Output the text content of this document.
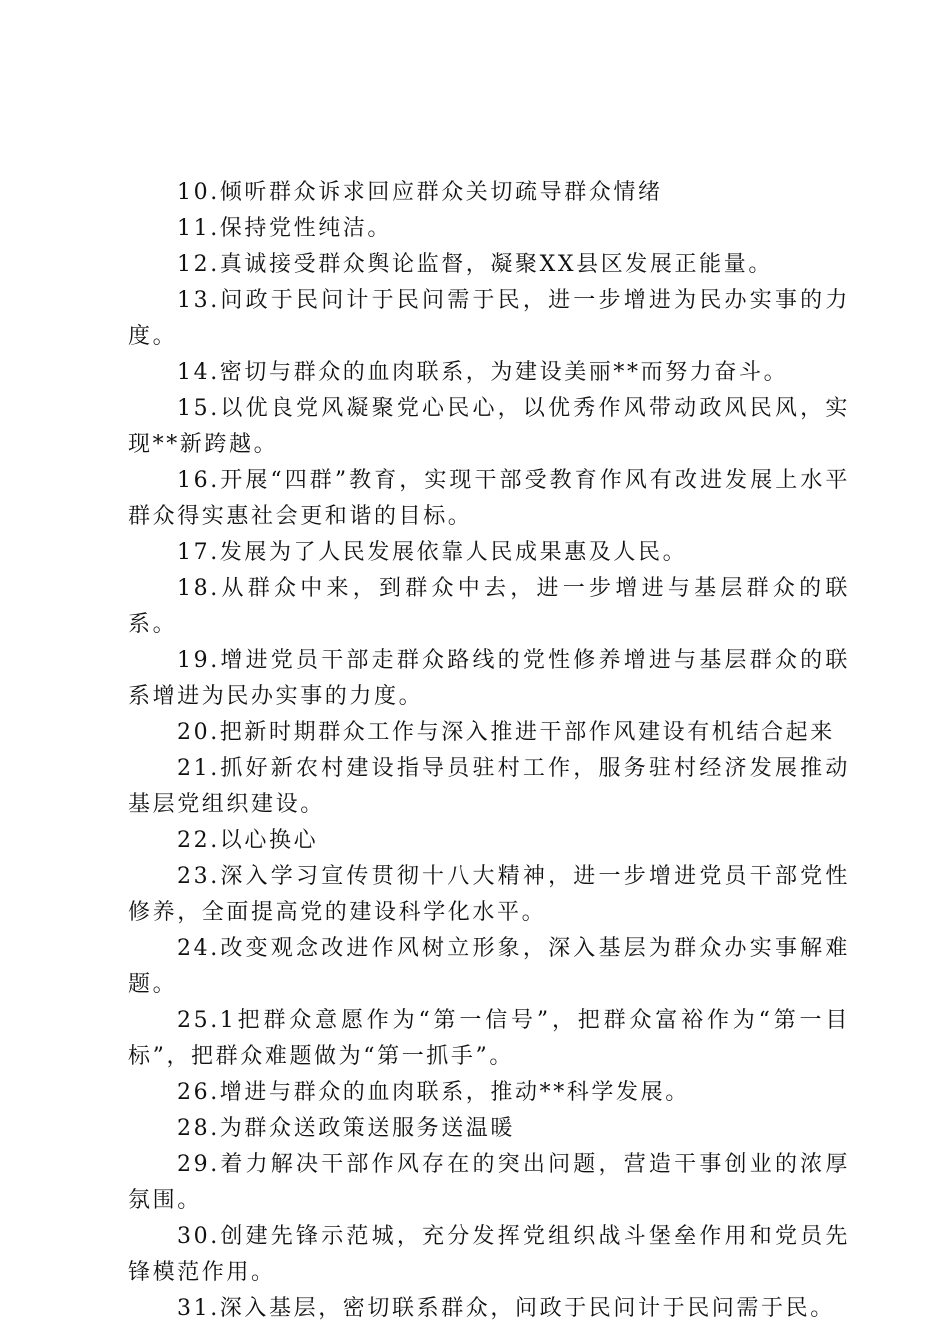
10.倾听群众诉求回应群众关切疏导群众情绪

11.保持党性纯洁。

12.真诚接受群众舆论监督，凝聚XX县区发展正能量。

13.问政于民问计于民问需于民，进一步增进为民办实事的力度。

14.密切与群众的血肉联系，为建设美丽**而努力奋斗。

15.以优良党风凝聚党心民心，以优秀作风带动政风民风，实现**新跨越。

16.开展“四群”教育，实现干部受教育作风有改进发展上水平群众得实惠社会更和谐的目标。

17.发展为了人民发展依靠人民成果惠及人民。

18.从群众中来，到群众中去，进一步增进与基层群众的联系。

19.增进党员干部走群众路线的党性修养增进与基层群众的联系增进为民办实事的力度。

20.把新时期群众工作与深入推进干部作风建设有机结合起来

21.抓好新农村建设指导员驻村工作，服务驻村经济发展推动基层党组织建设。

22.以心换心

23.深入学习宣传贯彻十八大精神，进一步增进党员干部党性修养，全面提高党的建设科学化水平。

24.改变观念改进作风树立形象，深入基层为群众办实事解难题。

25.1把群众意愿作为“第一信号”，把群众富裕作为“第一目标”，把群众难题做为“第一抓手”。

26.增进与群众的血肉联系，推动**科学发展。

28.为群众送政策送服务送温暖

29.着力解决干部作风存在的突出问题，营造干事创业的浓厚氛围。

30.创建先锋示范城，充分发挥党组织战斗堡垒作用和党员先锋模范作用。

31.深入基层，密切联系群众，问政于民问计于民问需于民。
